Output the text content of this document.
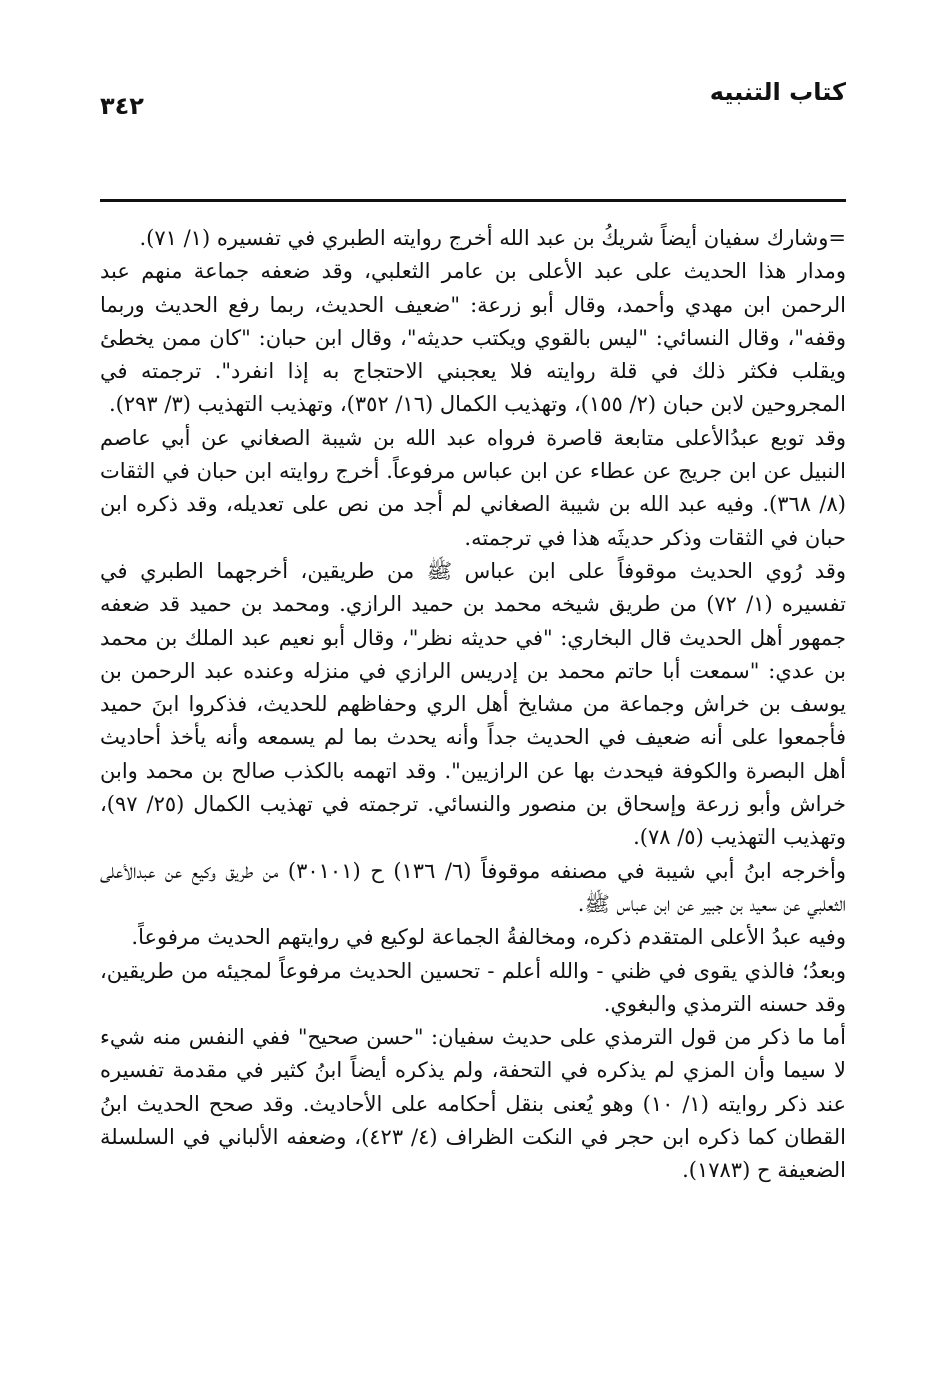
كتاب التنبيه
٣٤٢

=وشارك سفيان أيضاً شريكُ بن عبد الله أخرج روايته الطبري في تفسيره (١/ ٧١).

ومدار هذا الحديث على عبد الأعلى بن عامر الثعلبي، وقد ضعفه جماعة منهم عبد الرحمن ابن مهدي وأحمد، وقال أبو زرعة: "ضعيف الحديث، ربما رفع الحديث وربما وقفه"، وقال النسائي: "ليس بالقوي ويكتب حديثه"، وقال ابن حبان: "كان ممن يخطئ ويقلب فكثر ذلك في قلة روايته فلا يعجبني الاحتجاج به إذا انفرد". ترجمته في المجروحين لابن حبان (٢/ ١٥٥)، وتهذيب الكمال (١٦/ ٣٥٢)، وتهذيب التهذيب (٣/ ٢٩٣).

وقد توبع عبدُالأعلى متابعة قاصرة فرواه عبد الله بن شيبة الصغاني عن أبي عاصم النبيل عن ابن جريج عن عطاء عن ابن عباس مرفوعاً. أخرج روايته ابن حبان في الثقات (٨/ ٣٦٨). وفيه عبد الله بن شيبة الصغاني لم أجد من نص على تعديله، وقد ذكره ابن حبان في الثقات وذكر حديثَه هذا في ترجمته.

وقد رُوي الحديث موقوفاً على ابن عباس ﷺ من طريقين، أخرجهما الطبري في تفسيره (١/ ٧٢) من طريق شيخه محمد بن حميد الرازي. ومحمد بن حميد قد ضعفه جمهور أهل الحديث قال البخاري: "في حديثه نظر"، وقال أبو نعيم عبد الملك بن محمد بن عدي: "سمعت أبا حاتم محمد بن إدريس الرازي في منزله وعنده عبد الرحمن بن يوسف بن خراش وجماعة من مشايخ أهل الري وحفاظهم للحديث، فذكروا ابنَ حميد فأجمعوا على أنه ضعيف في الحديث جداً وأنه يحدث بما لم يسمعه وأنه يأخذ أحاديث أهل البصرة والكوفة فيحدث بها عن الرازيين". وقد اتهمه بالكذب صالح بن محمد وابن خراش وأبو زرعة وإسحاق بن منصور والنسائي. ترجمته في تهذيب الكمال (٢٥/ ٩٧)، وتهذيب التهذيب (٥/ ٧٨).

وأخرجه ابنُ أبي شيبة في مصنفه موقوفاً (٦/ ١٣٦) ح (٣٠١٠١) من طريق وكيع عن عبدالأعلى الثعلبي عن سعيد بن جبير عن ابن عباس ﷺ.

وفيه عبدُ الأعلى المتقدم ذكره، ومخالفةُ الجماعة لوكيع في روايتهم الحديث مرفوعاً.

وبعدُ؛ فالذي يقوى في ظني - والله أعلم - تحسين الحديث مرفوعاً لمجيئه من طريقين، وقد حسنه الترمذي والبغوي.

أما ما ذكر من قول الترمذي على حديث سفيان: "حسن صحيح" ففي النفس منه شيء لا سيما وأن المزي لم يذكره في التحفة، ولم يذكره أيضاً ابنُ كثير في مقدمة تفسيره عند ذكر روايته (١/ ١٠) وهو يُعنى بنقل أحكامه على الأحاديث. وقد صحح الحديث ابنُ القطان كما ذكره ابن حجر في النكت الظراف (٤/ ٤٢٣)، وضعفه الألباني في السلسلة الضعيفة ح (١٧٨٣).
